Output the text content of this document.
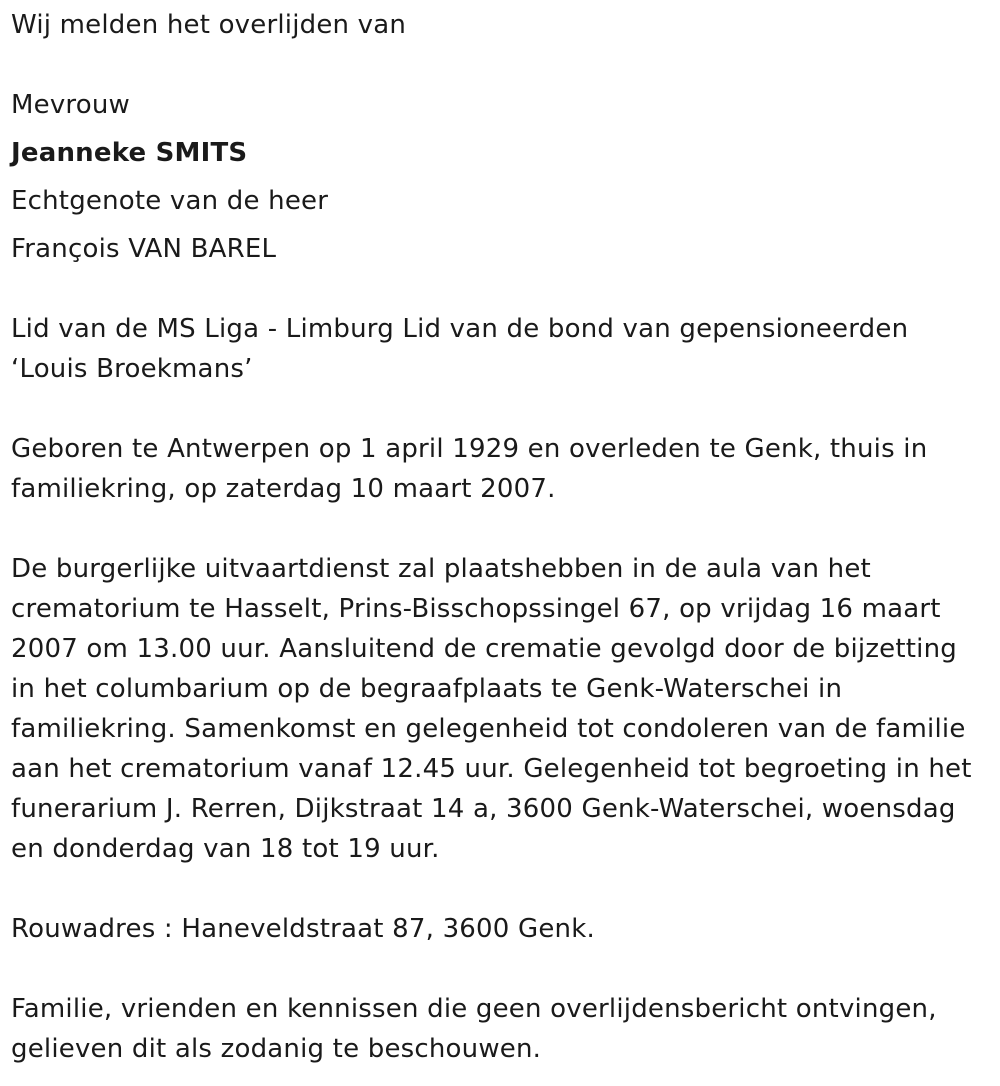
Wij melden het overlijden van
Mevrouw
Jeanneke SMITS
Echtgenote van de heer
François VAN BAREL
Lid van de MS Liga - Limburg Lid van de bond van gepensioneerden ‘Louis Broekmans’
Geboren te Antwerpen op 1 april 1929 en overleden te Genk, thuis in familiekring, op zaterdag 10 maart 2007.
De burgerlijke uitvaartdienst zal plaatshebben in de aula van het crematorium te Hasselt, Prins-Bisschopssingel 67, op vrijdag 16 maart 2007 om 13.00 uur. Aansluitend de crematie gevolgd door de bijzetting in het columbarium op de begraafplaats te Genk-Waterschei in familiekring. Samenkomst en gelegenheid tot condoleren van de familie aan het crematorium vanaf 12.45 uur. Gelegenheid tot begroeting in het funerarium J. Rerren, Dijkstraat 14 a, 3600 Genk-Waterschei, woensdag en donderdag van 18 tot 19 uur.
Rouwadres : Haneveldstraat 87, 3600 Genk.
Familie, vrienden en kennissen die geen overlijdensbericht ontvingen, gelieven dit als zodanig te beschouwen.
